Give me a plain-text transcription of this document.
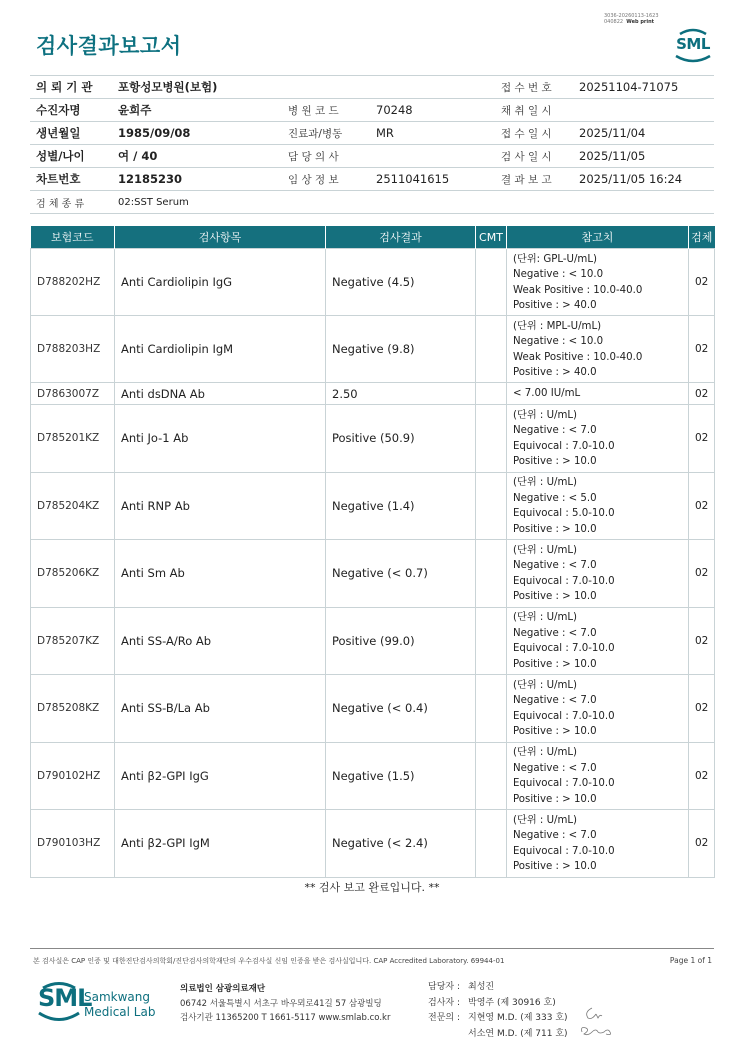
검사결과보고서
3036-20260113-1623
040822 Web print
SML
의 뢰 기 관	포항성모병원(보험)			접 수 번 호	20251104-71075
수진자명	윤희주	병 원 코 드	70248	채 취 일 시	
생년월일	1985/09/08	진료과/병동	MR	접 수 일 시	2025/11/04
성별/나이	여 / 40	담 당 의 사		검 사 일 시	2025/11/05
차트번호	12185230	임 상 정 보	2511041615	결 과 보 고	2025/11/05 16:24
검 체 종 류	02:SST Serum				
보험코드	검사항목	검사결과	CMT	참고치	검체
D788202HZ	Anti Cardiolipin IgG	Negative (4.5)		(단위: GPL-U/mL)
Negative : < 10.0
Weak Positive : 10.0-40.0
Positive : > 40.0	02
D788203HZ	Anti Cardiolipin IgM	Negative (9.8)		(단위 : MPL-U/mL)
Negative : < 10.0
Weak Positive : 10.0-40.0
Positive : > 40.0	02
D7863007Z	Anti dsDNA Ab	2.50		< 7.00 IU/mL	02
D785201KZ	Anti Jo-1 Ab	Positive (50.9)		(단위 : U/mL)
Negative : < 7.0
Equivocal : 7.0-10.0
Positive : > 10.0	02
D785204KZ	Anti RNP Ab	Negative (1.4)		(단위 : U/mL)
Negative : < 5.0
Equivocal : 5.0-10.0
Positive : > 10.0	02
D785206KZ	Anti Sm Ab	Negative (< 0.7)		(단위 : U/mL)
Negative : < 7.0
Equivocal : 7.0-10.0
Positive : > 10.0	02
D785207KZ	Anti SS-A/Ro Ab	Positive (99.0)		(단위 : U/mL)
Negative : < 7.0
Equivocal : 7.0-10.0
Positive : > 10.0	02
D785208KZ	Anti SS-B/La Ab	Negative (< 0.4)		(단위 : U/mL)
Negative : < 7.0
Equivocal : 7.0-10.0
Positive : > 10.0	02
D790102HZ	Anti β2-GPI IgG	Negative (1.5)		(단위 : U/mL)
Negative : < 7.0
Equivocal : 7.0-10.0
Positive : > 10.0	02
D790103HZ	Anti β2-GPI IgM	Negative (< 2.4)		(단위 : U/mL)
Negative : < 7.0
Equivocal : 7.0-10.0
Positive : > 10.0	02
** 검사 보고 완료입니다. **
본 검사실은 CAP 인증 및 대한진단검사의학회/진단검사의학재단의 우수검사실 신임 인증을 받은 검사실입니다. CAP Accredited Laboratory. 69944-01	Page 1 of 1
SML
Samkwang
Medical Lab
의료법인 삼광의료재단
06742 서울특별시 서초구 바우뫼로41길 57 삼광빌딩
검사기관 11365200 T 1661-5117 www.smlab.co.kr
담당자 : 최성진
검사자 : 박영주 (제 30916 호)
전문의 : 지현영 M.D. (제 333 호)
서소연 M.D. (제 711 호)
